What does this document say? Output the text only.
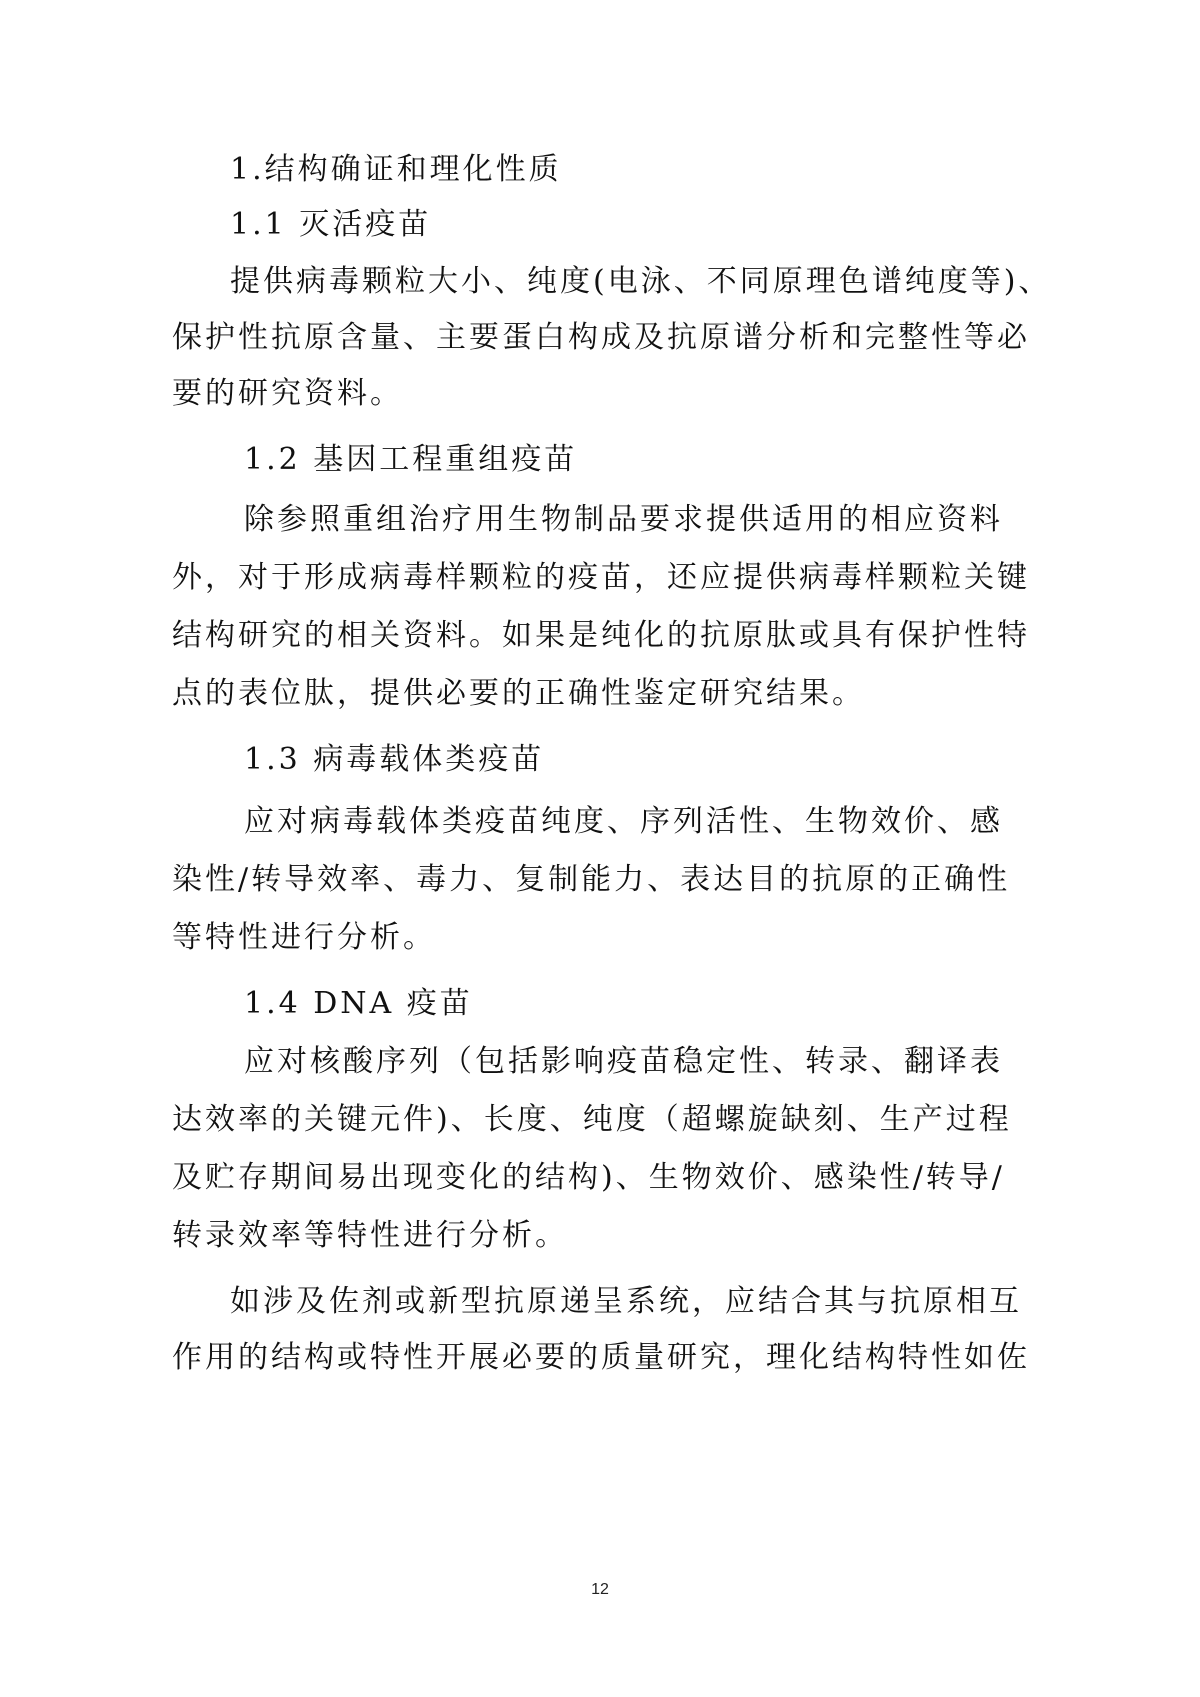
1.结构确证和理化性质
1.1 灭活疫苗
提供病毒颗粒大小、纯度(电泳、不同原理色谱纯度等)、
保护性抗原含量、主要蛋白构成及抗原谱分析和完整性等必
要的研究资料。
1.2 基因工程重组疫苗
除参照重组治疗用生物制品要求提供适用的相应资料
外，对于形成病毒样颗粒的疫苗，还应提供病毒样颗粒关键
结构研究的相关资料。如果是纯化的抗原肽或具有保护性特
点的表位肽，提供必要的正确性鉴定研究结果。
1.3 病毒载体类疫苗
应对病毒载体类疫苗纯度、序列活性、生物效价、感
染性/转导效率、毒力、复制能力、表达目的抗原的正确性
等特性进行分析。
1.4 DNA 疫苗
应对核酸序列（包括影响疫苗稳定性、转录、翻译表
达效率的关键元件)、长度、纯度（超螺旋缺刻、生产过程
及贮存期间易出现变化的结构)、生物效价、感染性/转导/
转录效率等特性进行分析。
如涉及佐剂或新型抗原递呈系统，应结合其与抗原相互
作用的结构或特性开展必要的质量研究，理化结构特性如佐
12
